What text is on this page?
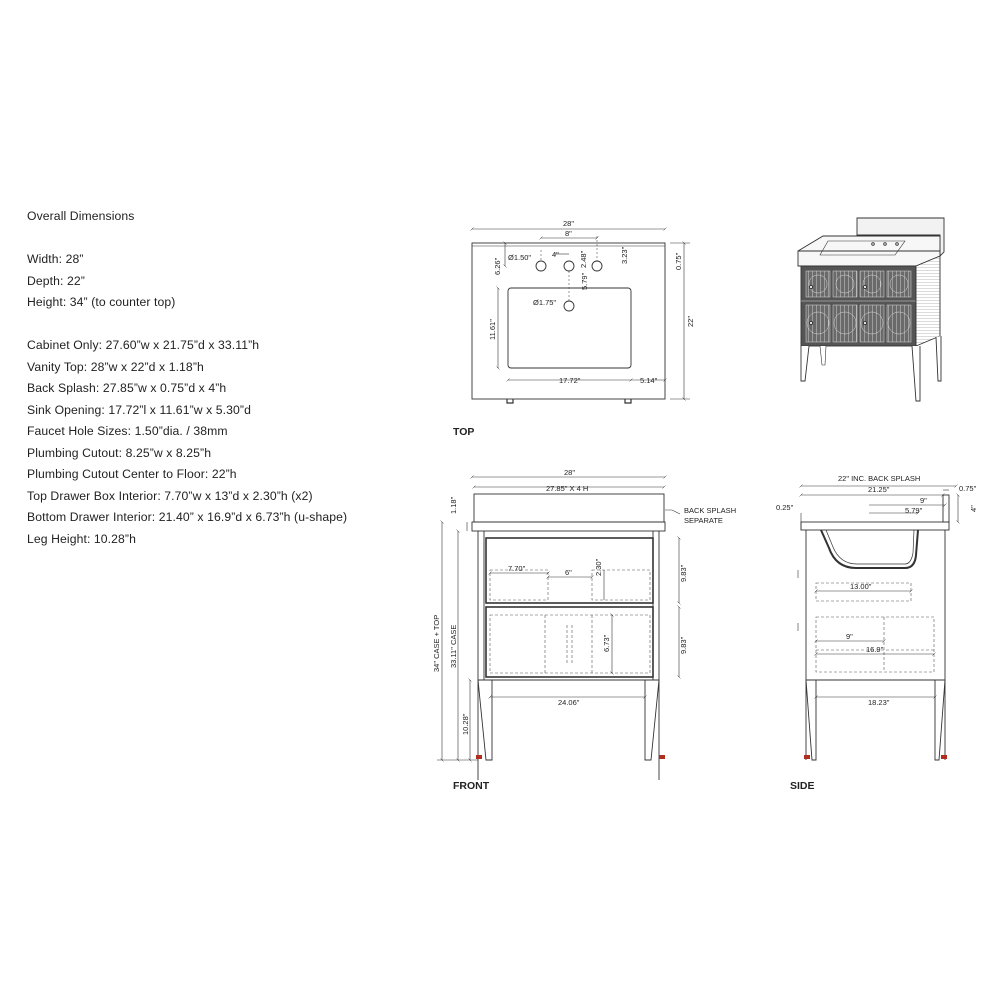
Overall Dimensions
Width: 28”
Depth: 22”
Height: 34” (to counter top)
Cabinet Only: 27.60”w x 21.75”d x 33.11”h
Vanity Top: 28”w x 22”d x 1.18”h
Back Splash: 27.85”w x 0.75”d x 4”h
Sink Opening: 17.72”l x 11.61”w x 5.30”d
Faucet Hole Sizes: 1.50”dia. / 38mm
Plumbing Cutout: 8.25”w x 8.25”h
Plumbing Cutout Center to Floor: 22”h
Top Drawer Box Interior: 7.70”w x 13”d x 2.30”h (x2)
Bottom Drawer Interior: 21.40” x 16.9”d x 6.73”h (u-shape)
Leg Height: 10.28”h
28"
8"
4"
Ø1.50"	2.48"	3.23"
6.26"	0.75"
5.79"
Ø1.75"
11.61"
17.72"	5.14"
22"
TOP
28"
27.85" X 4 H
1.18"	BACK SPLASH
SEPARATE
7.70"	6"	2.30"	9.83"
9.83"
6.73"
34" CASE + TOP 33.11" CASE
10.28"
24.06"
FRONT
22" INC. BACK SPLASH
21.25"	0.75"
0.25"	4"
9"
5.79"
13.00"
9"
16.9"
18.23"
SIDE
